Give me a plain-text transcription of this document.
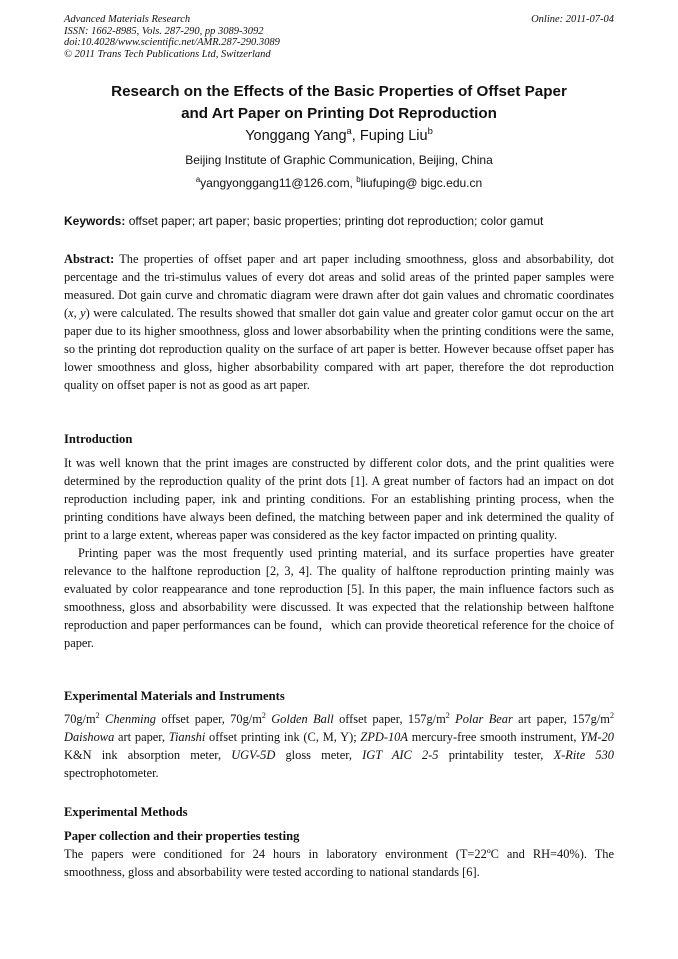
Advanced Materials Research
ISSN: 1662-8985, Vols. 287-290, pp 3089-3092
doi:10.4028/www.scientific.net/AMR.287-290.3089
© 2011 Trans Tech Publications Ltd, Switzerland
Online: 2011-07-04
Research on the Effects of the Basic Properties of Offset Paper
and Art Paper on Printing Dot Reproduction
Yonggang Yang$^a$, Fuping Liu$^b$
Beijing Institute of Graphic Communication, Beijing, China
$^a$yangyonggang11@126.com, $^b$liufuping@ bigc.edu.cn
Keywords: offset paper; art paper; basic properties; printing dot reproduction; color gamut
Abstract: The properties of offset paper and art paper including smoothness, gloss and absorbability, dot percentage and the tri-stimulus values of every dot areas and solid areas of the printed paper samples were measured. Dot gain curve and chromatic diagram were drawn after dot gain values and chromatic coordinates (x, y) were calculated. The results showed that smaller dot gain value and greater color gamut occur on the art paper due to its higher smoothness, gloss and lower absorbability when the printing conditions were the same, so the printing dot reproduction quality on the surface of art paper is better. However because offset paper has lower smoothness and gloss, higher absorbability compared with art paper, therefore the dot reproduction quality on offset paper is not as good as art paper.
Introduction
It was well known that the print images are constructed by different color dots, and the print qualities were determined by the reproduction quality of the print dots [1]. A great number of factors had an impact on dot reproduction including paper, ink and printing conditions. For an establishing printing process, when the printing conditions have always been defined, the matching between paper and ink determined the quality of print to a large extent, whereas paper was considered as the key factor impacted on printing quality.
Printing paper was the most frequently used printing material, and its surface properties have greater relevance to the halftone reproduction [2, 3, 4]. The quality of halftone reproduction printing mainly was evaluated by color reappearance and tone reproduction [5]. In this paper, the main influence factors such as smoothness, gloss and absorbability were discussed. It was expected that the relationship between halftone reproduction and paper performances can be found，which can provide theoretical reference for the choice of paper.
Experimental Materials and Instruments
$70g/m^2$ Chenming offset paper, $70g/m^2$ Golden Ball offset paper, $157g/m^2$ Polar Bear art paper, $157g/m^2$ Daishowa art paper, Tianshi offset printing ink (C, M, Y); ZPD-10A mercury-free smooth instrument, YM-20 K&N ink absorption meter, UGV-5D gloss meter, IGT AIC 2-5 printability tester, X-Rite 530 spectrophotometer.
Experimental Methods
Paper collection and their properties testing
The papers were conditioned for 24 hours in laboratory environment (T=22ºC and RH=40%). The smoothness, gloss and absorbability were tested according to national standards [6].
